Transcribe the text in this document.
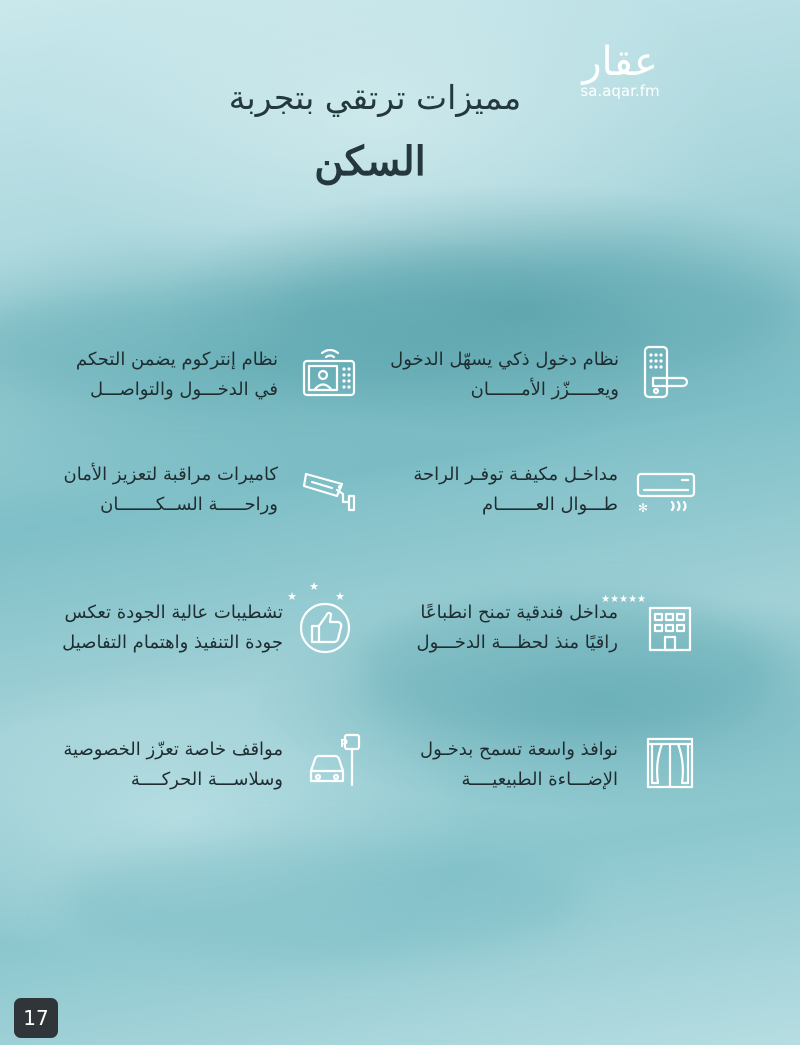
مميزات ترتقي بتجربة
السكن
عقار
sa.aqar.fm
نظام دخول ذكي يسهّل الدخول
ويعـــــزّز الأمــــــان
نظام إنتركوم يضمن التحكم
في الدخـــول والتواصـــل
✻
مداخـل مكيفـة توفـر الراحة
طـــوال العـــــــام
كاميرات مراقبة لتعزيز الأمان
وراحـــــة الســكـــــــان
★★★★★
مداخل فندقية تمنح انطباعًا
راقيًا منذ لحظـــة الدخـــول
★
★
★
تشطيبات عالية الجودة تعكس
جودة التنفيذ واهتمام التفاصيل
نوافذ واسعة تسمح بدخـول
الإضـــاءة الطبيعيــــة
P
مواقف خاصة تعزّز الخصوصية
وسلاســـة الحركــــة
17
